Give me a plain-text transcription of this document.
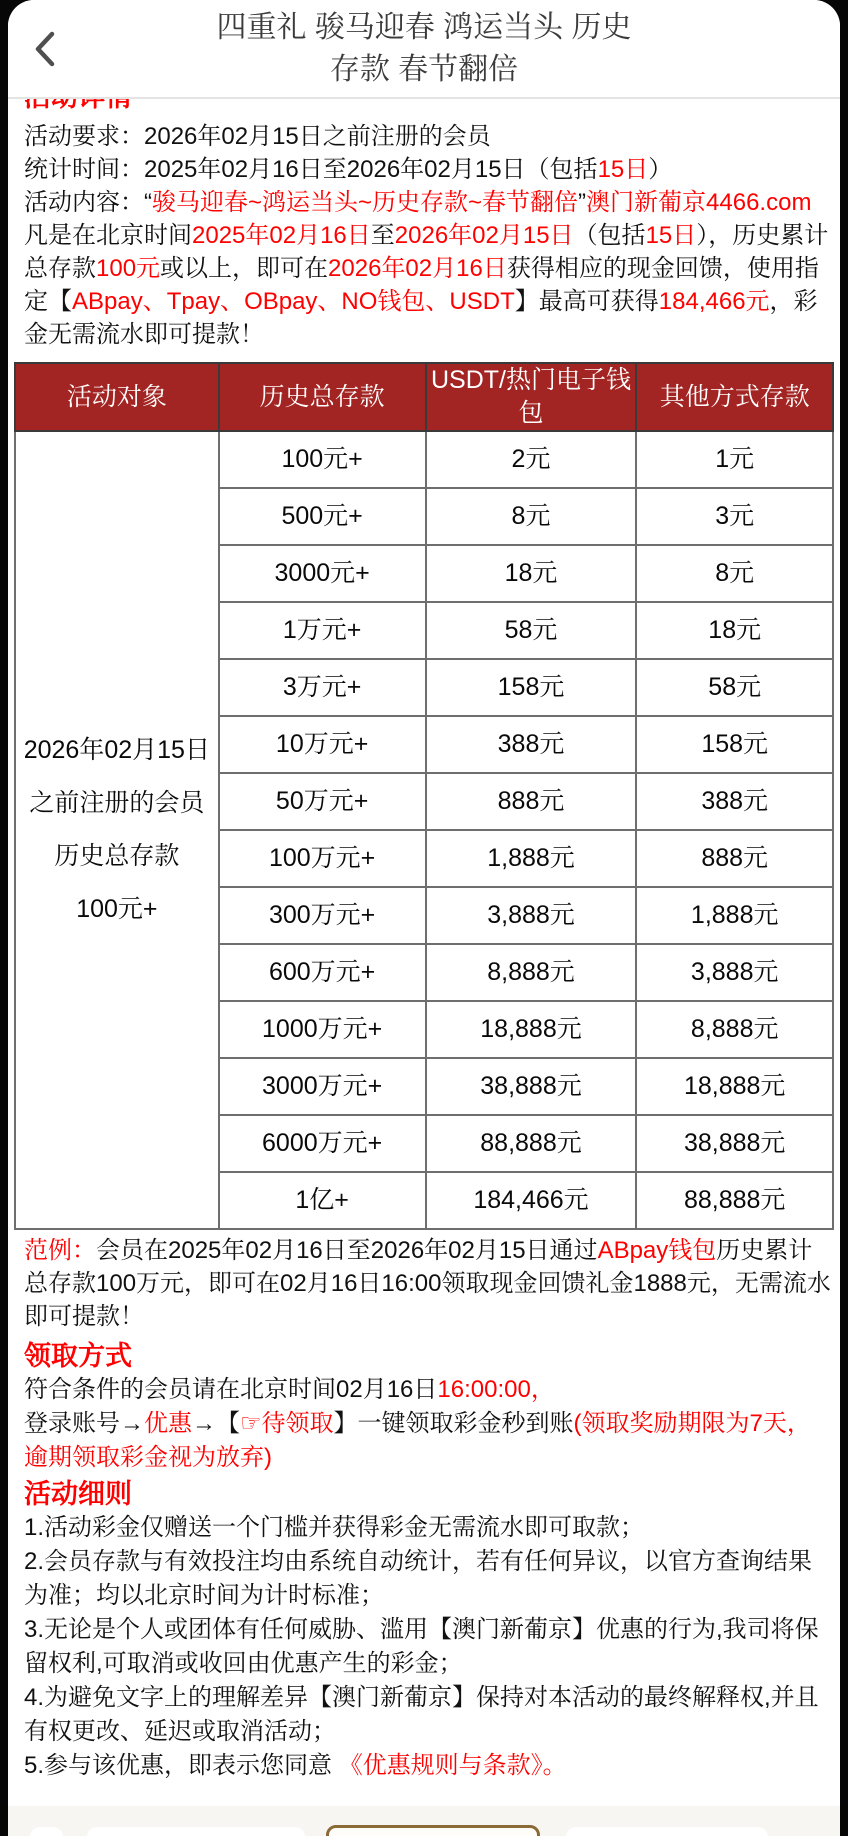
活动要求：2026年02月15日之前注册的会员

统计时间：2025年02月16日至2026年02月15日（包括15日）

活动内容：“骏马迎春~鸿运当头~历史存款~春节翻倍”澳门新葡京4466.com凡是在北京时间2025年02月16日至2026年02月15日（包括15日），历史累计总存款100元或以上，即可在2026年02月16日获得相应的现金回馈，使用指定【ABpay、Tpay、OBpay、NO钱包、USDT】最高可获得184,466元，彩金无需流水即可提款！

活动对象	历史总存款	USDT/热门电子钱包	其他方式存款

2026年02月15日
之前注册的会员
历史总存款
100元+	100元+	2元	1元
	500元+	8元	3元
	3000元+	18元	8元
	1万元+	58元	18元
	3万元+	158元	58元
	10万元+	388元	158元
	50万元+	888元	388元
	100万元+	1,888元	888元
	300万元+	3,888元	1,888元
	600万元+	8,888元	3,888元
	1000万元+	18,888元	8,888元
	3000万元+	38,888元	18,888元
	6000万元+	88,888元	38,888元
	1亿+	184,466元	88,888元

范例：会员在2025年02月16日至2026年02月15日通过ABpay钱包历史累计总存款100万元，即可在02月16日16:00领取现金回馈礼金1888元，无需流水即可提款！

领取方式

符合条件的会员请在北京时间02月16日16:00:00，

登录账号→优惠→【☞待领取】一键领取彩金秒到账(领取奖励期限为7天，逾期领取彩金视为放弃)

活动细则

1.活动彩金仅赠送一个门槛并获得彩金无需流水即可取款；

2.会员存款与有效投注均由系统自动统计，若有任何异议，以官方查询结果为准；均以北京时间为计时标准；

3.无论是个人或团体有任何威胁、滥用【澳门新葡京】优惠的行为,我司将保留权利,可取消或收回由优惠产生的彩金；

4.为避免文字上的理解差异【澳门新葡京】保持对本活动的最终解释权,并且有权更改、延迟或取消活动；

5.参与该优惠，即表示您同意 《优惠规则与条款》。

四重礼 骏马迎春 鸿运当头 历史
存款 春节翻倍
